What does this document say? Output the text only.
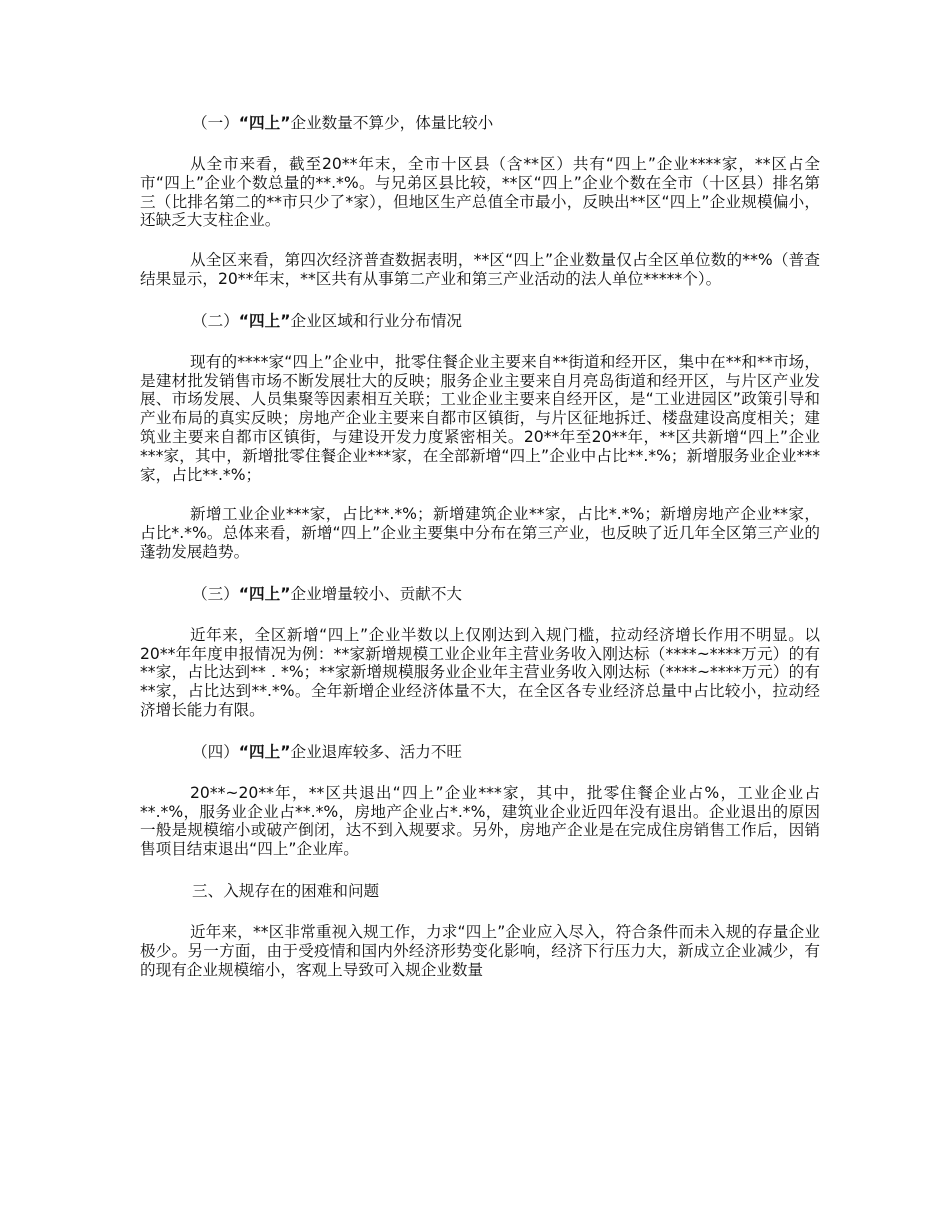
（一）“四上”企业数量不算少，体量比较小

从全市来看，截至20**年末，全市十区县（含**区）共有“四上”企业****家，**区占全市“四上”企业个数总量的**.*%。与兄弟区县比较，**区“四上”企业个数在全市（十区县）排名第三（比排名第二的**市只少了*家），但地区生产总值全市最小，反映出**区“四上”企业规模偏小，还缺乏大支柱企业。

从全区来看，第四次经济普查数据表明，**区“四上”企业数量仅占全区单位数的**%（普查结果显示，20**年末，**区共有从事第二产业和第三产业活动的法人单位*****个）。

（二）“四上”企业区域和行业分布情况

现有的****家“四上”企业中，批零住餐企业主要来自**街道和经开区，集中在**和**市场，是建材批发销售市场不断发展壮大的反映；服务企业主要来自月亮岛街道和经开区，与片区产业发展、市场发展、人员集聚等因素相互关联；工业企业主要来自经开区，是“工业进园区”政策引导和产业布局的真实反映；房地产企业主要来自都市区镇街，与片区征地拆迁、楼盘建设高度相关；建筑业主要来自都市区镇街，与建设开发力度紧密相关。20**年至20**年，**区共新增“四上”企业***家，其中，新增批零住餐企业***家，在全部新增“四上”企业中占比**.*%；新增服务业企业***家，占比**.*%；

新增工业企业***家，占比**.*%；新增建筑企业**家，占比*.*%；新增房地产企业**家，占比*.*%。总体来看，新增“四上”企业主要集中分布在第三产业，也反映了近几年全区第三产业的蓬勃发展趋势。

（三）“四上”企业增量较小、贡献不大

近年来，全区新增“四上”企业半数以上仅刚达到入规门槛，拉动经济增长作用不明显。以20**年年度申报情况为例：**家新增规模工业企业年主营业务收入刚达标（****~****万元）的有**家，占比达到** . *%；**家新增规模服务业企业年主营业务收入刚达标（****~****万元）的有**家，占比达到**.*%。全年新增企业经济体量不大，在全区各专业经济总量中占比较小，拉动经济增长能力有限。

（四）“四上”企业退库较多、活力不旺

20**~20**年，**区共退出“四上”企业***家，其中，批零住餐企业占%，工业企业占**.*%，服务业企业占**.*%，房地产企业占*.*%，建筑业企业近四年没有退出。企业退出的原因一般是规模缩小或破产倒闭，达不到入规要求。另外，房地产企业是在完成住房销售工作后，因销售项目结束退出“四上”企业库。

三、入规存在的困难和问题

近年来，**区非常重视入规工作，力求“四上”企业应入尽入，符合条件而未入规的存量企业极少。另一方面，由于受疫情和国内外经济形势变化影响，经济下行压力大，新成立企业减少，有的现有企业规模缩小，客观上导致可入规企业数量
